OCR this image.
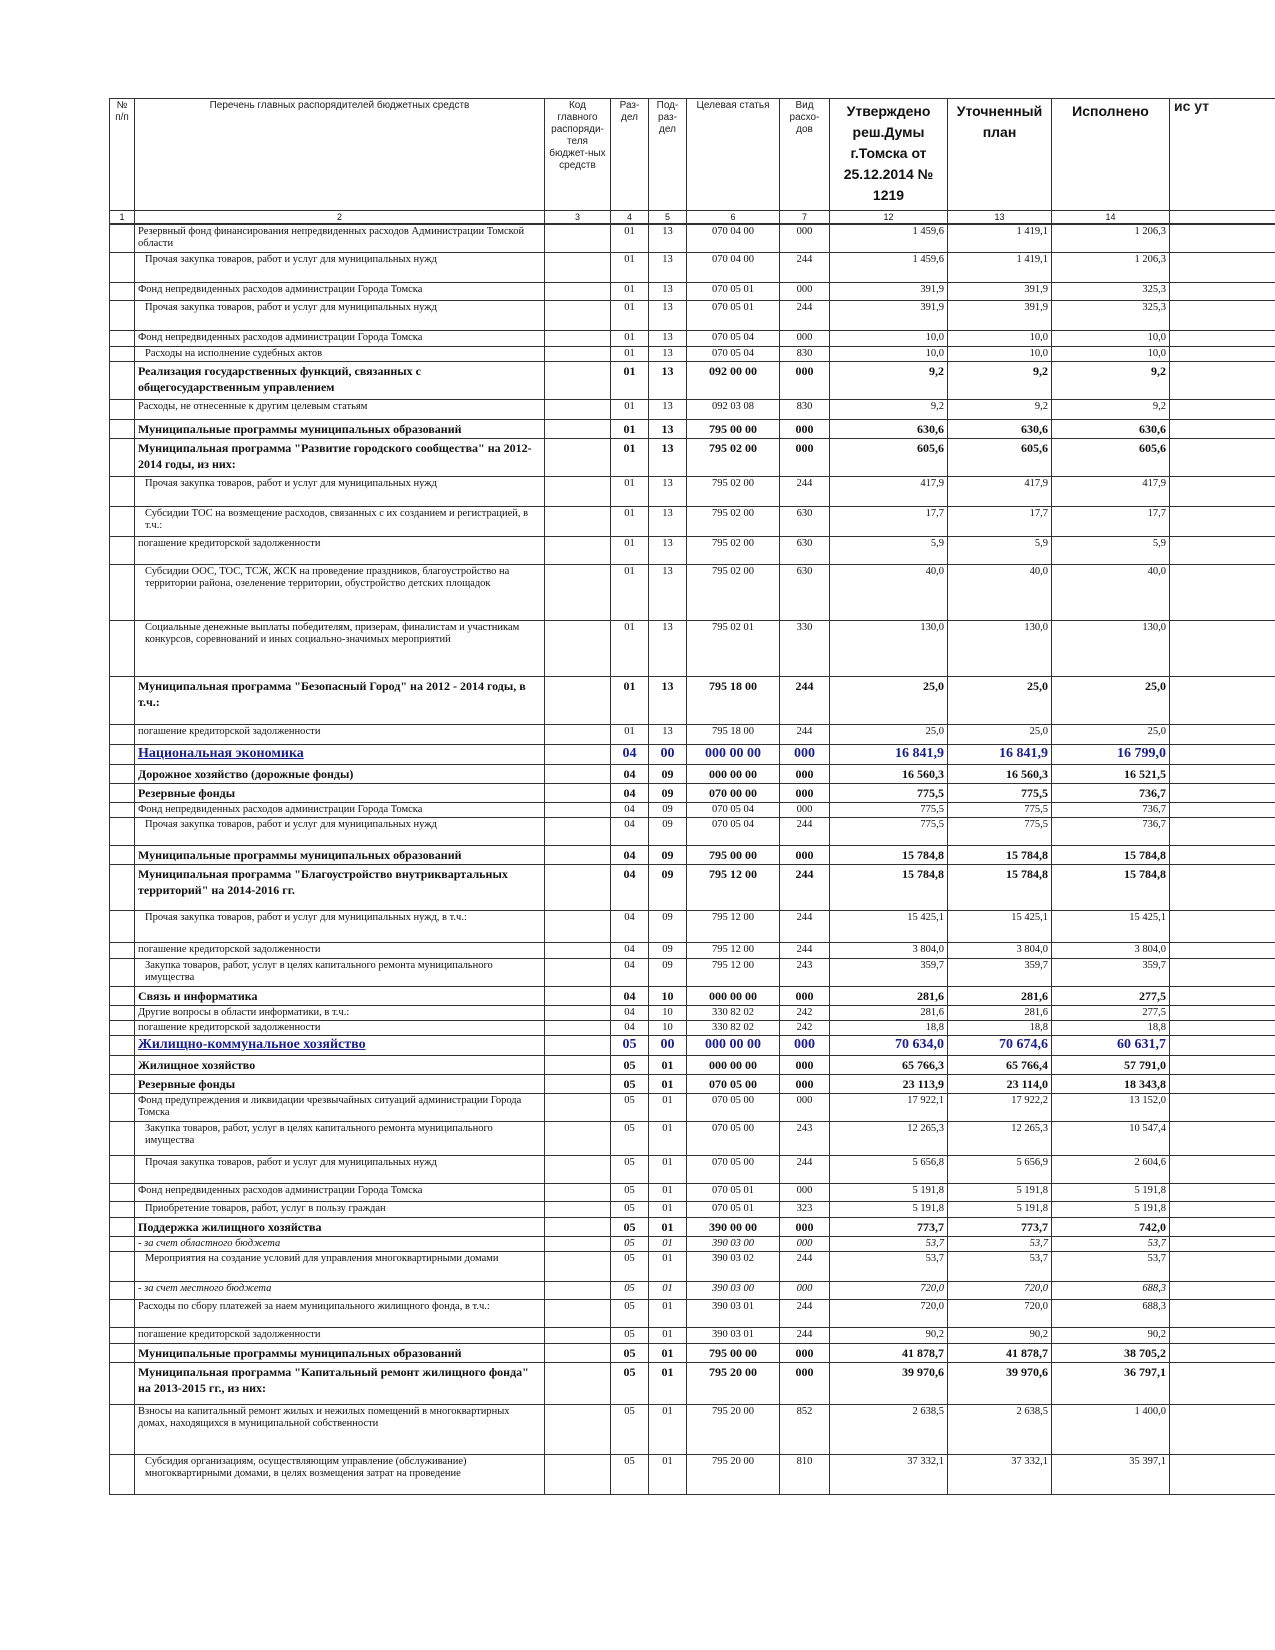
№ п/п	Перечень главных распорядителей бюджетных средств	Код главного распоряди-теля бюджет-ных средств	Раз-дел	Под-раз-дел	Целевая статья	Вид расхо-дов	Утверждено реш.Думы г.Томска от 25.12.2014 № 1219	Уточненный план	Исполнено	ис ут
1	2	3	4	5	6	7	12	13	14	
	Резервный фонд финансирования непредвиденных расходов Администрации Томской области		01	13	070 04 00	000	1 459,6	1 419,1	1 206,3	
	Прочая закупка товаров, работ и услуг для муниципальных нужд		01	13	070 04 00	244	1 459,6	1 419,1	1 206,3	
	Фонд непредвиденных расходов администрации Города Томска		01	13	070 05 01	000	391,9	391,9	325,3	
	Прочая закупка товаров, работ и услуг для муниципальных нужд		01	13	070 05 01	244	391,9	391,9	325,3	
	Фонд непредвиденных расходов администрации Города Томска		01	13	070 05 04	000	10,0	10,0	10,0	
	Расходы на исполнение судебных актов		01	13	070 05 04	830	10,0	10,0	10,0	
	Реализация государственных функций, связанных с общегосударственным управлением		01	13	092 00 00	000	9,2	9,2	9,2	
	Расходы, не отнесенные к другим целевым статьям		01	13	092 03 08	830	9,2	9,2	9,2	
	Муниципальные программы муниципальных образований		01	13	795 00 00	000	630,6	630,6	630,6	
	Муниципальная программа "Развитие городского сообщества" на 2012-2014 годы, из них:		01	13	795 02 00	000	605,6	605,6	605,6	
	Прочая закупка товаров, работ и услуг для муниципальных нужд		01	13	795 02 00	244	417,9	417,9	417,9	
	Субсидии ТОС на возмещение расходов, связанных с их созданием и регистрацией, в т.ч.:		01	13	795 02 00	630	17,7	17,7	17,7	
	погашение кредиторской задолженности		01	13	795 02 00	630	5,9	5,9	5,9	
	Субсидии ООС, ТОС, ТСЖ, ЖСК на проведение праздников, благоустройство на территории района, озеленение территории, обустройство детских площадок		01	13	795 02 00	630	40,0	40,0	40,0	
	Социальные денежные выплаты победителям, призерам, финалистам и участникам конкурсов, соревнований и иных социально-значимых мероприятий		01	13	795 02 01	330	130,0	130,0	130,0	
	Муниципальная программа "Безопасный Город" на 2012 - 2014 годы, в т.ч.:		01	13	795 18 00	244	25,0	25,0	25,0	
	погашение кредиторской задолженности		01	13	795 18 00	244	25,0	25,0	25,0	
	Национальная экономика		04	00	000 00 00	000	16 841,9	16 841,9	16 799,0	
	Дорожное хозяйство (дорожные фонды)		04	09	000 00 00	000	16 560,3	16 560,3	16 521,5	
	Резервные фонды		04	09	070 00 00	000	775,5	775,5	736,7	
	Фонд непредвиденных расходов администрации Города Томска		04	09	070 05 04	000	775,5	775,5	736,7	
	Прочая закупка товаров, работ и услуг для муниципальных нужд		04	09	070 05 04	244	775,5	775,5	736,7	
	Муниципальные программы муниципальных образований		04	09	795 00 00	000	15 784,8	15 784,8	15 784,8	
	Муниципальная программа "Благоустройство внутриквартальных территорий" на 2014-2016 гг.		04	09	795 12 00	244	15 784,8	15 784,8	15 784,8	
	Прочая закупка товаров, работ и услуг для муниципальных нужд, в т.ч.:		04	09	795 12 00	244	15 425,1	15 425,1	15 425,1	
	погашение кредиторской задолженности		04	09	795 12 00	244	3 804,0	3 804,0	3 804,0	
	Закупка товаров, работ, услуг в целях капитального ремонта муниципального имущества		04	09	795 12 00	243	359,7	359,7	359,7	
	Связь и информатика		04	10	000 00 00	000	281,6	281,6	277,5	
	Другие вопросы в области информатики, в т.ч.:		04	10	330 82 02	242	281,6	281,6	277,5	
	погашение кредиторской задолженности		04	10	330 82 02	242	18,8	18,8	18,8	
	Жилищно-коммунальное хозяйство		05	00	000 00 00	000	70 634,0	70 674,6	60 631,7	
	Жилищное хозяйство		05	01	000 00 00	000	65 766,3	65 766,4	57 791,0	
	Резервные фонды		05	01	070 05 00	000	23 113,9	23 114,0	18 343,8	
	Фонд предупреждения и ликвидации чрезвычайных ситуаций администрации Города Томска		05	01	070 05 00	000	17 922,1	17 922,2	13 152,0	
	Закупка товаров, работ, услуг в целях капитального ремонта муниципального имущества		05	01	070 05 00	243	12 265,3	12 265,3	10 547,4	
	Прочая закупка товаров, работ и услуг для муниципальных нужд		05	01	070 05 00	244	5 656,8	5 656,9	2 604,6	
	Фонд непредвиденных расходов администрации Города Томска		05	01	070 05 01	000	5 191,8	5 191,8	5 191,8	
	Приобретение товаров, работ, услуг в пользу граждан		05	01	070 05 01	323	5 191,8	5 191,8	5 191,8	
	Поддержка жилищного хозяйства		05	01	390 00 00	000	773,7	773,7	742,0	
	- за счет областного бюджета		05	01	390 03 00	000	53,7	53,7	53,7	
	Мероприятия на создание условий для управления многоквартирными домами		05	01	390 03 02	244	53,7	53,7	53,7	
	- за счет местного бюджета		05	01	390 03 00	000	720,0	720,0	688,3	
	Расходы по сбору платежей за наем муниципального жилищного фонда, в т.ч.:		05	01	390 03 01	244	720,0	720,0	688,3	
	погашение кредиторской задолженности		05	01	390 03 01	244	90,2	90,2	90,2	
	Муниципальные программы муниципальных образований		05	01	795 00 00	000	41 878,7	41 878,7	38 705,2	
	Муниципальная программа "Капитальный ремонт жилищного фонда" на 2013-2015 гг., из них:		05	01	795 20 00	000	39 970,6	39 970,6	36 797,1	
	Взносы на капитальный ремонт жилых и нежилых помещений в многоквартирных домах, находящихся в муниципальной собственности		05	01	795 20 00	852	2 638,5	2 638,5	1 400,0	
	Субсидия организациям, осуществляющим управление (обслуживание) многоквартирными домами, в целях возмещения затрат на проведение		05	01	795 20 00	810	37 332,1	37 332,1	35 397,1	
